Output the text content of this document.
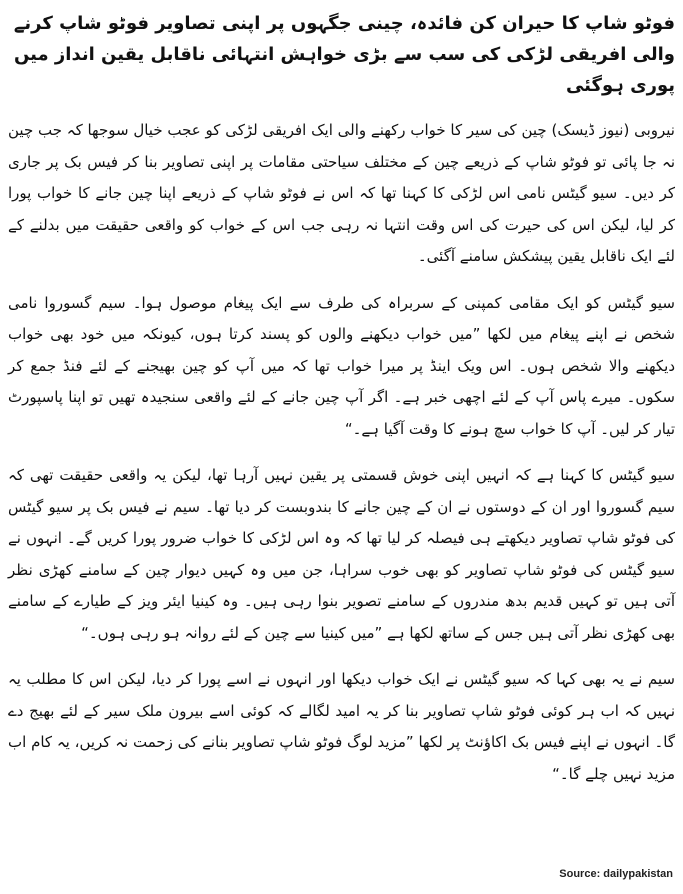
فوٹو شاپ کا حیران کن فائدہ، چینی جگہوں پر اپنی تصاویر فوٹو شاپ کرنے والی افریقی لڑکی کی سب سے بڑی خواہش انتہائی ناقابل یقین انداز میں پوری ہوگئی

نیروبی (نیوز ڈیسک) چین کی سیر کا خواب رکھنے والی ایک افریقی لڑکی کو عجب خیال سوجھا کہ جب چین نہ جا پائی تو فوٹو شاپ کے ذریعے چین کے مختلف سیاحتی مقامات پر اپنی تصاویر بنا کر فیس بک پر جاری کر دیں۔ سیو گیٹس نامی اس لڑکی کا کہنا تھا کہ اس نے فوٹو شاپ کے ذریعے اپنا چین جانے کا خواب پورا کر لیا، لیکن اس کی حیرت کی اس وقت انتہا نہ رہی جب اس کے خواب کو واقعی حقیقت میں بدلنے کے لئے ایک ناقابل یقین پیشکش سامنے آگئی۔

سیو گیٹس کو ایک مقامی کمپنی کے سربراہ کی طرف سے ایک پیغام موصول ہوا۔ سیم گسوروا نامی شخص نے اپنے پیغام میں لکھا ”میں خواب دیکھنے والوں کو پسند کرتا ہوں، کیونکہ میں خود بھی خواب دیکھنے والا شخص ہوں۔ اس ویک اینڈ پر میرا خواب تھا کہ میں آپ کو چین بھیجنے کے لئے فنڈ جمع کر سکوں۔ میرے پاس آپ کے لئے اچھی خبر ہے۔ اگر آپ چین جانے کے لئے واقعی سنجیدہ تھیں تو اپنا پاسپورٹ تیار کر لیں۔ آپ کا خواب سچ ہونے کا وقت آگیا ہے۔“

سیو گیٹس کا کہنا ہے کہ انہیں اپنی خوش قسمتی پر یقین نہیں آرہا تھا، لیکن یہ واقعی حقیقت تھی کہ سیم گسوروا اور ان کے دوستوں نے ان کے چین جانے کا بندوبست کر دیا تھا۔ سیم نے فیس بک پر سیو گیٹس کی فوٹو شاپ تصاویر دیکھتے ہی فیصلہ کر لیا تھا کہ وہ اس لڑکی کا خواب ضرور پورا کریں گے۔ انہوں نے سیو گیٹس کی فوٹو شاپ تصاویر کو بھی خوب سراہا، جن میں وہ کہیں دیوار چین کے سامنے کھڑی نظر آتی ہیں تو کہیں قدیم بدھ مندروں کے سامنے تصویر بنوا رہی ہیں۔ وہ کینیا ایئر ویز کے طیارے کے سامنے بھی کھڑی نظر آتی ہیں جس کے ساتھ لکھا ہے ”میں کینیا سے چین کے لئے روانہ ہو رہی ہوں۔“

سیم نے یہ بھی کہا کہ سیو گیٹس نے ایک خواب دیکھا اور انہوں نے اسے پورا کر دیا، لیکن اس کا مطلب یہ نہیں کہ اب ہر کوئی فوٹو شاپ تصاویر بنا کر یہ امید لگالے کہ کوئی اسے بیرون ملک سیر کے لئے بھیج دے گا۔ انہوں نے اپنے فیس بک اکاﺅنٹ پر لکھا ”مزید لوگ فوٹو شاپ تصاویر بنانے کی زحمت نہ کریں، یہ کام اب مزید نہیں چلے گا۔“

Source: dailypakistan
